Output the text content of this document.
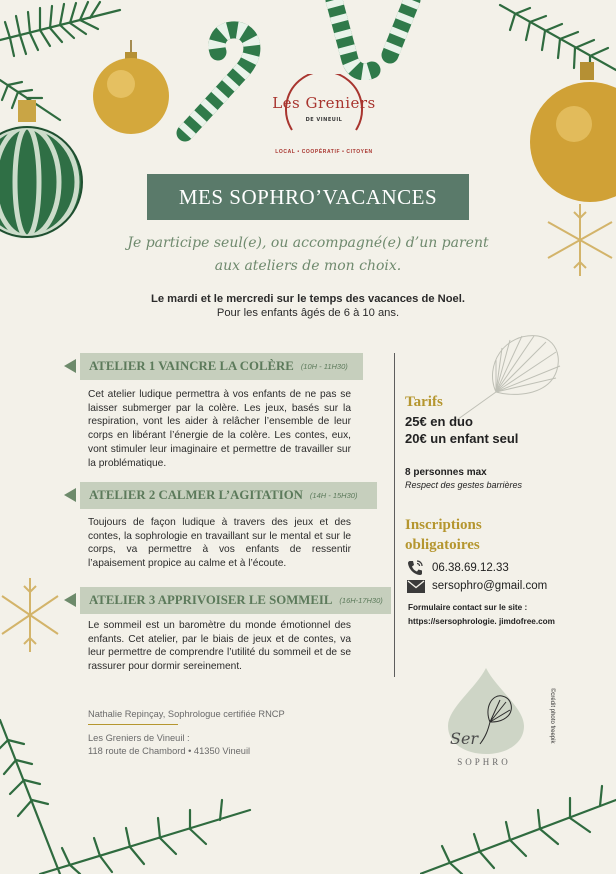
Les Greniers
DE VINEUIL
LOCAL • COOPÉRATIF • CITOYEN
MES SOPHRO’VACANCES
Je participe seul(e), ou accompagné(e) d’un parent
aux ateliers de mon choix.
Le mardi et le mercredi sur le temps des vacances de Noel.
Pour les enfants âgés de 6 à 10 ans.
ATELIER 1 VAINCRE LA COLÈRE (10H - 11H30)
Cet atelier ludique permettra à vos enfants de ne pas se laisser submerger par la colère. Les jeux, basés sur la respiration, vont les aider à relâcher l’ensemble de leur corps en libérant l’énergie de la colère. Les contes, eux, vont stimuler leur imaginaire et permettre de travailler sur la problématique.
ATELIER 2 CALMER L’AGITATION (14H - 15H30)
Toujours de façon ludique à travers des jeux et des contes, la sophrologie en travaillant sur le mental et sur le corps, va permettre à vos enfants de ressentir l’apaisement propice au calme et à l’écoute.
ATELIER 3 APPRIVOISER LE SOMMEIL (16H-17H30)
Le sommeil est un baromètre du monde émotionnel des enfants. Cet atelier, par le biais de jeux et de contes, va leur permettre de comprendre l’utilité du sommeil et de se rassurer pour dormir sereinement.
Tarifs
25€ en duo
20€ un enfant seul
8 personnes max
Respect des gestes barrières
Inscriptions
obligatoires
06.38.69.12.33
sersophro@gmail.com
Formulaire contact sur le site :
https://sersophrologie. jimdofree.com
Nathalie Repinçay, Sophrologue certifiée RNCP
Les Greniers de Vineuil :
118 route de Chambord • 41350 Vineuil
Ser
SOPHRO
©crédit photo freepik
